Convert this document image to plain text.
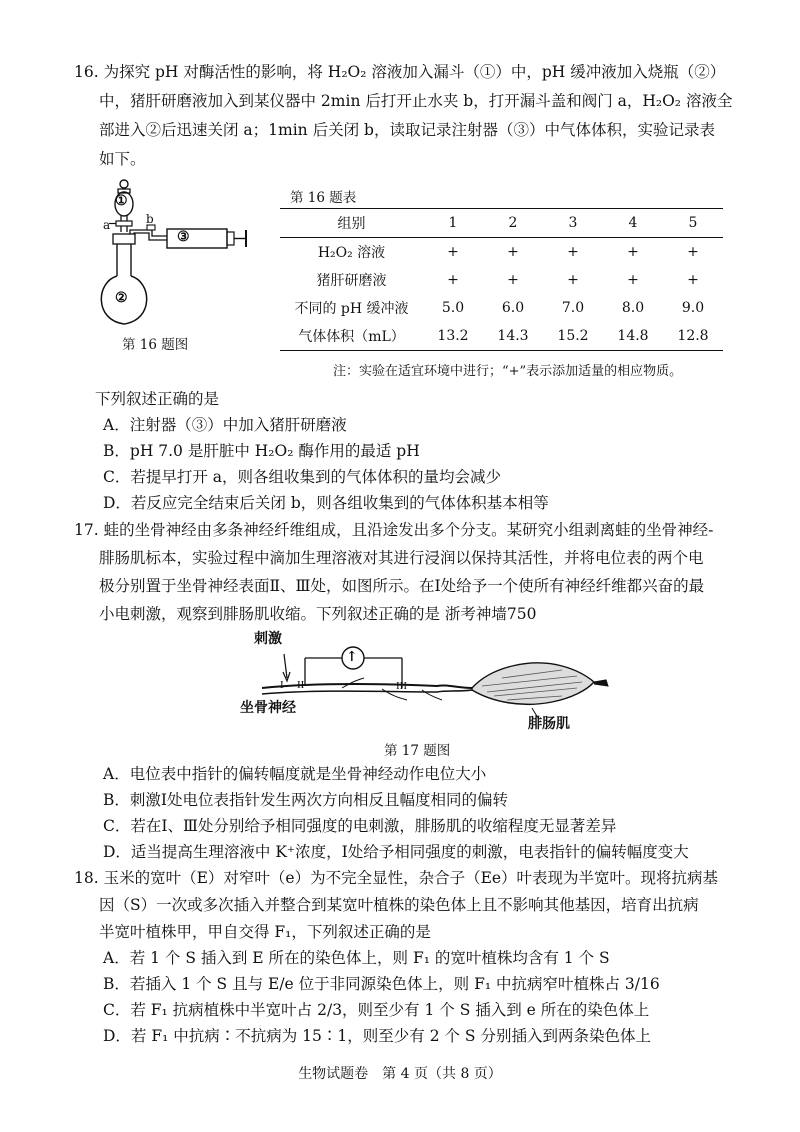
16. 为探究 pH 对酶活性的影响，将 H₂O₂ 溶液加入漏斗（①）中，pH 缓冲液加入烧瓶（②）
中，猪肝研磨液加入到某仪器中 2min 后打开止水夹 b，打开漏斗盖和阀门 a，H₂O₂ 溶液全
部进入②后迅速关闭 a；1min 后关闭 b，读取记录注射器（③）中气体体积，实验记录表
如下。
①
a	b
③
②
第 16 题图
第 16 题表
组别	1	2	3	4	5
H₂O₂ 溶液	+	+	+	+	+
猪肝研磨液	+	+	+	+	+
不同的 pH 缓冲液	5.0	6.0	7.0	8.0	9.0
气体体积（mL）	13.2	14.3	15.2	14.8	12.8
注：实验在适宜环境中进行；“+”表示添加适量的相应物质。
下列叙述正确的是
A．注射器（③）中加入猪肝研磨液
B．pH 7.0 是肝脏中 H₂O₂ 酶作用的最适 pH
C．若提早打开 a，则各组收集到的气体体积的量均会减少
D．若反应完全结束后关闭 b，则各组收集到的气体体积基本相等
17. 蛙的坐骨神经由多条神经纤维组成，且沿途发出多个分支。某研究小组剥离蛙的坐骨神经-
腓肠肌标本，实验过程中滴加生理溶液对其进行浸润以保持其活性，并将电位表的两个电
极分别置于坐骨神经表面Ⅱ、Ⅲ处，如图所示。在Ⅰ处给予一个使所有神经纤维都兴奋的最
小电刺激，观察到腓肠肌收缩。下列叙述正确的是 浙考神墙750
↑
刺激
I II	III
坐骨神经
腓肠肌
第 17 题图
A．电位表中指针的偏转幅度就是坐骨神经动作电位大小
B．刺激Ⅰ处电位表指针发生两次方向相反且幅度相同的偏转
C．若在Ⅰ、Ⅲ处分别给予相同强度的电刺激，腓肠肌的收缩程度无显著差异
D．适当提高生理溶液中 K⁺浓度，Ⅰ处给予相同强度的刺激，电表指针的偏转幅度变大
18. 玉米的宽叶（E）对窄叶（e）为不完全显性，杂合子（Ee）叶表现为半宽叶。现将抗病基
因（S）一次或多次插入并整合到某宽叶植株的染色体上且不影响其他基因，培育出抗病
半宽叶植株甲，甲自交得 F₁，下列叙述正确的是
A．若 1 个 S 插入到 E 所在的染色体上，则 F₁ 的宽叶植株均含有 1 个 S
B．若插入 1 个 S 且与 E/e 位于非同源染色体上，则 F₁ 中抗病窄叶植株占 3/16
C．若 F₁ 抗病植株中半宽叶占 2/3，则至少有 1 个 S 插入到 e 所在的染色体上
D．若 F₁ 中抗病∶不抗病为 15∶1，则至少有 2 个 S 分别插入到两条染色体上
生物试题卷　第 4 页（共 8 页）
